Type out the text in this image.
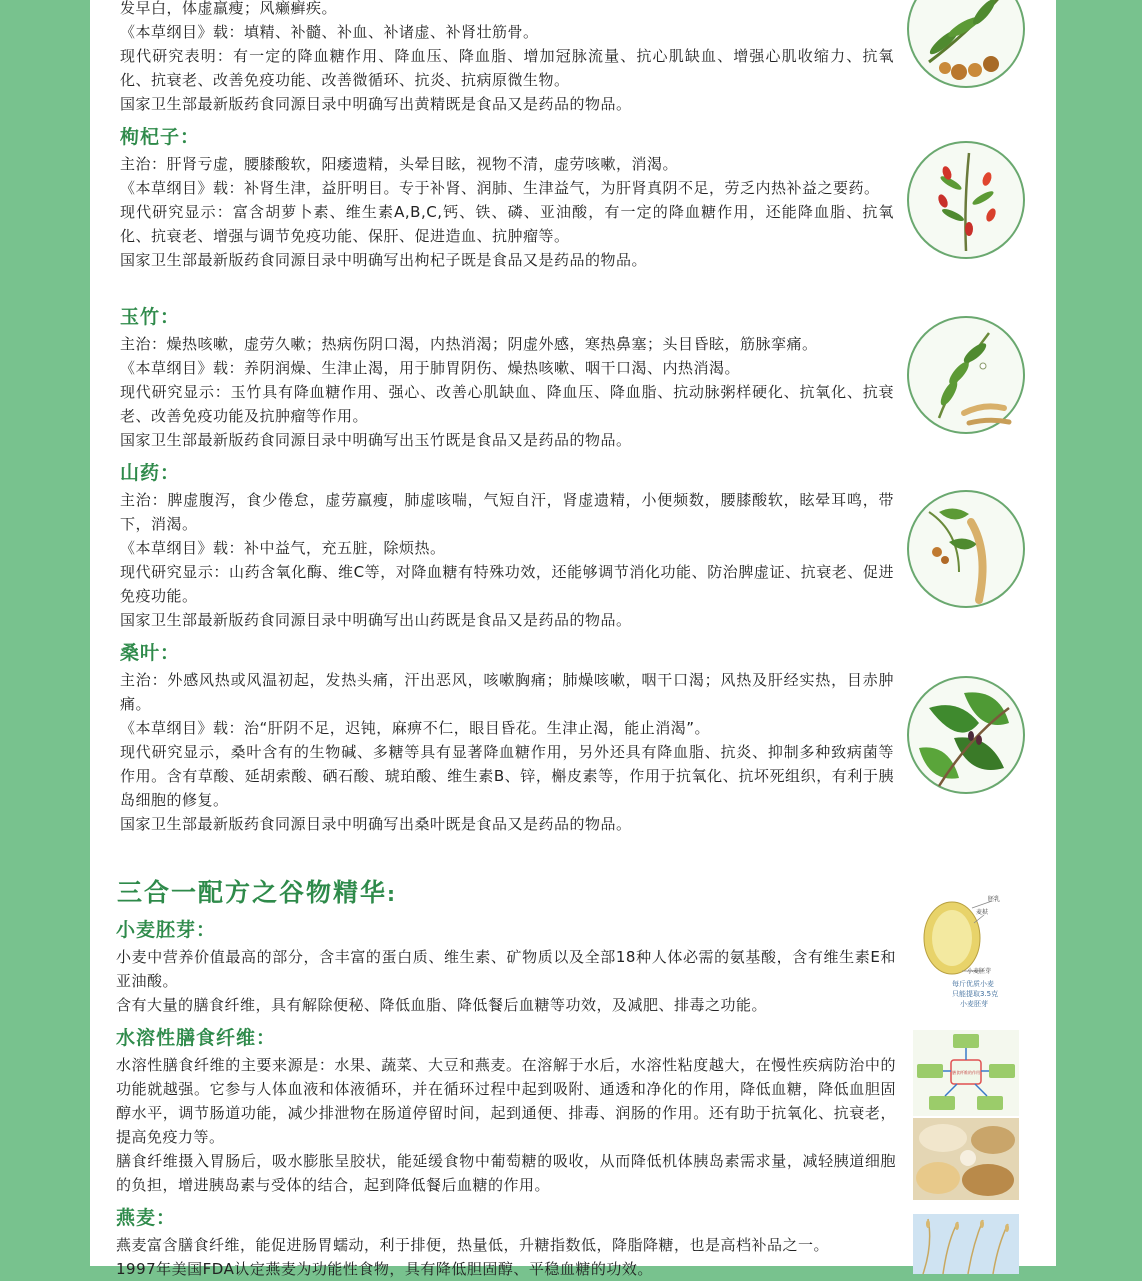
发早白，体虚羸瘦；风癞癣疾。

《本草纲目》载：填精、补髓、补血、补诸虚、补肾壮筋骨。

现代研究表明：有一定的降血糖作用、降血压、降血脂、增加冠脉流量、抗心肌缺血、增强心肌收缩力、抗氧化、抗衰老、改善免疫功能、改善微循环、抗炎、抗病原微生物。

国家卫生部最新版药食同源目录中明确写出黄精既是食品又是药品的物品。

枸杞子：

主治：肝肾亏虚，腰膝酸软，阳痿遗精，头晕目眩，视物不清，虚劳咳嗽，消渴。

《本草纲目》载：补肾生津，益肝明目。专于补肾、润肺、生津益气，为肝肾真阴不足，劳乏内热补益之要药。

现代研究显示：富含胡萝卜素、维生素A,B,C,钙、铁、磷、亚油酸，有一定的降血糖作用，还能降血脂、抗氧化、抗衰老、增强与调节免疫功能、保肝、促进造血、抗肿瘤等。

国家卫生部最新版药食同源目录中明确写出枸杞子既是食品又是药品的物品。

玉竹：

主治：燥热咳嗽，虚劳久嗽；热病伤阴口渴，内热消渴；阴虚外感，寒热鼻塞；头目昏眩，筋脉挛痛。

《本草纲目》载：养阴润燥、生津止渴，用于肺胃阴伤、燥热咳嗽、咽干口渴、内热消渴。

现代研究显示：玉竹具有降血糖作用、强心、改善心肌缺血、降血压、降血脂、抗动脉粥样硬化、抗氧化、抗衰老、改善免疫功能及抗肿瘤等作用。

国家卫生部最新版药食同源目录中明确写出玉竹既是食品又是药品的物品。

山药：

主治：脾虚腹泻，食少倦怠，虚劳羸瘦，肺虚咳喘，气短自汗，肾虚遗精，小便频数，腰膝酸软，眩晕耳鸣，带下，消渴。

《本草纲目》载：补中益气，充五脏，除烦热。

现代研究显示：山药含氧化酶、维C等，对降血糖有特殊功效，还能够调节消化功能、防治脾虚证、抗衰老、促进免疫功能。

国家卫生部最新版药食同源目录中明确写出山药既是食品又是药品的物品。

桑叶：

主治：外感风热或风温初起，发热头痛，汗出恶风，咳嗽胸痛；肺燥咳嗽，咽干口渴；风热及肝经实热，目赤肿痛。

《本草纲目》载：治“肝阴不足，迟钝，麻痹不仁，眼目昏花。生津止渴，能止消渴”。

现代研究显示，桑叶含有的生物碱、多糖等具有显著降血糖作用，另外还具有降血脂、抗炎、抑制多种致病菌等作用。含有草酸、延胡索酸、硒石酸、琥珀酸、维生素B、锌，槲皮素等，作用于抗氧化、抗坏死组织，有利于胰岛细胞的修复。

国家卫生部最新版药食同源目录中明确写出桑叶既是食品又是药品的物品。

三合一配方之谷物精华:
小麦胚芽：

小麦中营养价值最高的部分，含丰富的蛋白质、维生素、矿物质以及全部18种人体必需的氨基酸，含有维生素E和亚油酸。

含有大量的膳食纤维，具有解除便秘、降低血脂、降低餐后血糖等功效，及减肥、排毒之功能。

胚乳
麦麸
小麦胚芽
每斤优质小麦
只能提取3.5克
小麦胚芽
水溶性膳食纤维：

水溶性膳食纤维的主要来源是：水果、蔬菜、大豆和燕麦。在溶解于水后，水溶性粘度越大，在慢性疾病防治中的功能就越强。它参与人体血液和体液循环，并在循环过程中起到吸附、通透和净化的作用，降低血糖，降低血胆固醇水平，调节肠道功能，减少排泄物在肠道停留时间，起到通便、排毒、润肠的作用。还有助于抗氧化、抗衰老，提高免疫力等。

膳食纤维摄入胃肠后，吸水膨胀呈胶状，能延缓食物中葡萄糖的吸收，从而降低机体胰岛素需求量，减轻胰道细胞的负担，增进胰岛素与受体的结合，起到降低餐后血糖的作用。

膳食纤维的作用
燕麦：

燕麦富含膳食纤维，能促进肠胃蠕动，利于排便，热量低，升糖指数低，降脂降糖，也是高档补品之一。

1997年美国FDA认定燕麦为功能性食物，具有降低胆固醇、平稳血糖的功效。
